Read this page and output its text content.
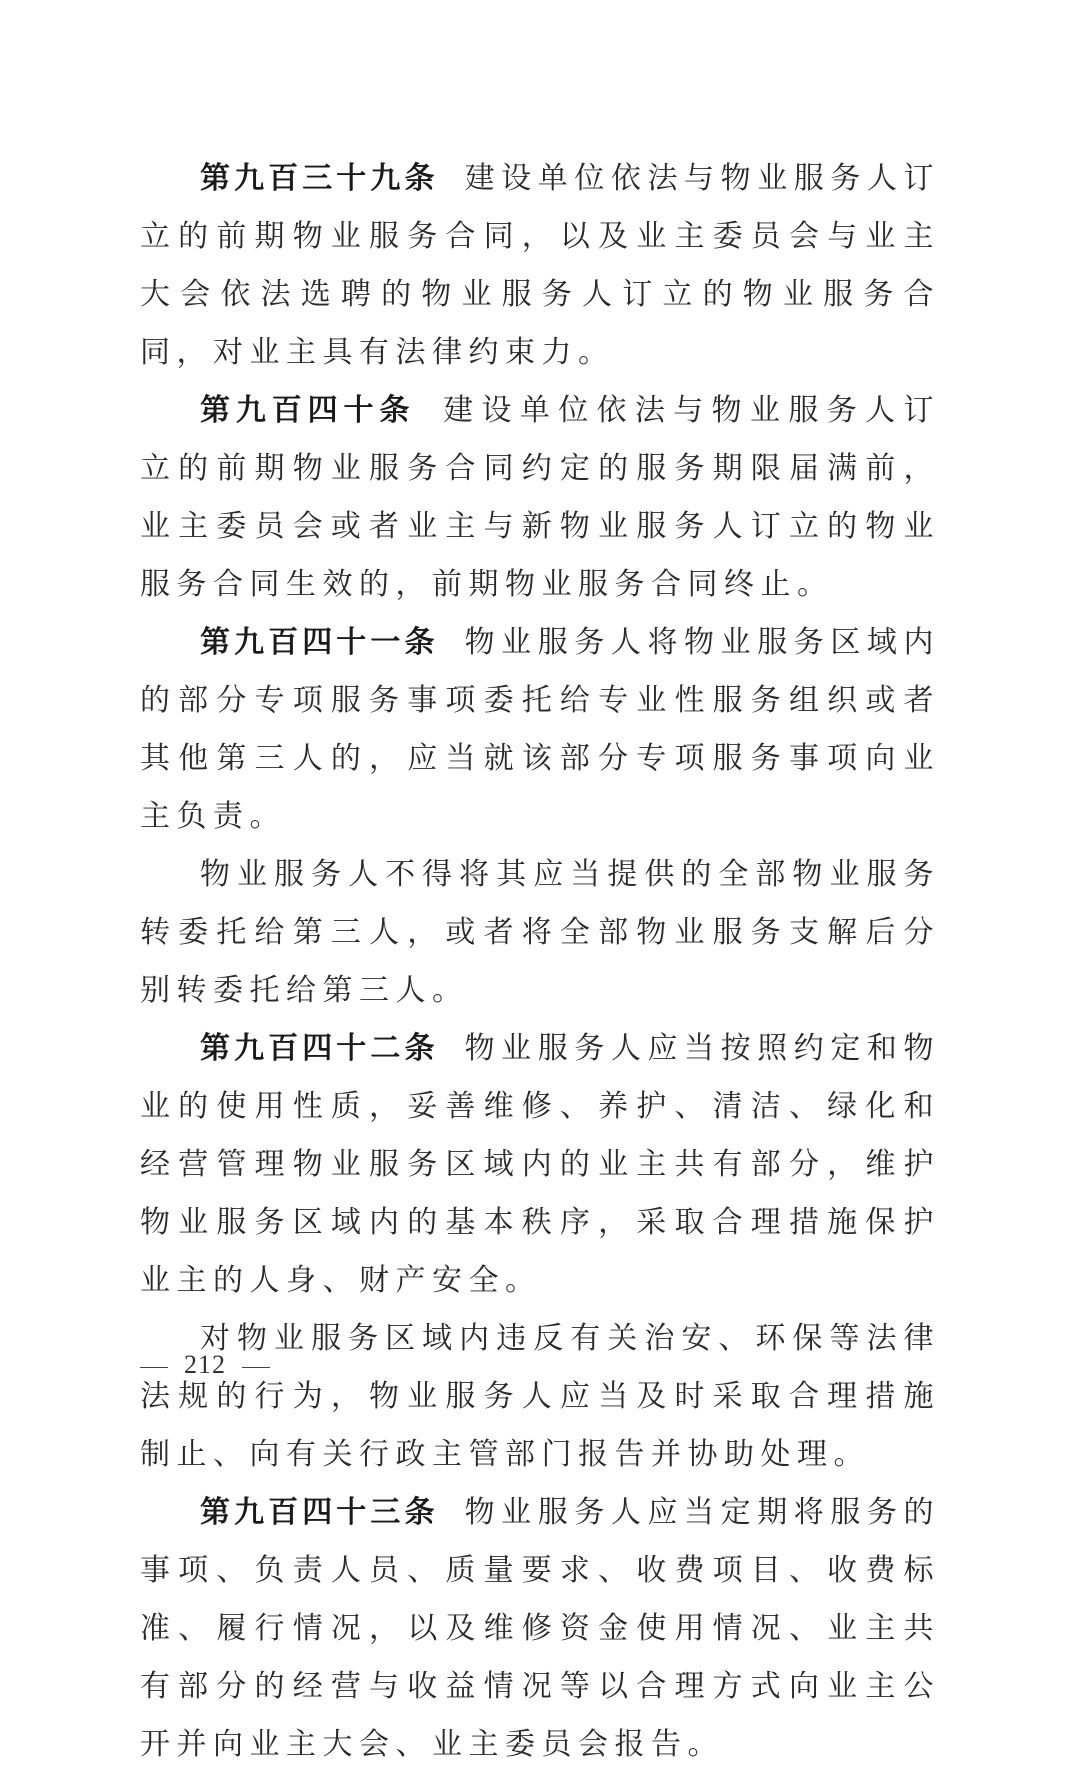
第九百三十九条 建设单位依法与物业服务人订立的前期物业服务合同，以及业主委员会与业主大会依法选聘的物业服务人订立的物业服务合同，对业主具有法律约束力。

第九百四十条 建设单位依法与物业服务人订立的前期物业服务合同约定的服务期限届满前，业主委员会或者业主与新物业服务人订立的物业服务合同生效的，前期物业服务合同终止。

第九百四十一条 物业服务人将物业服务区域内的部分专项服务事项委托给专业性服务组织或者其他第三人的，应当就该部分专项服务事项向业主负责。

物业服务人不得将其应当提供的全部物业服务转委托给第三人，或者将全部物业服务支解后分别转委托给第三人。

第九百四十二条 物业服务人应当按照约定和物业的使用性质，妥善维修、养护、清洁、绿化和经营管理物业服务区域内的业主共有部分，维护物业服务区域内的基本秩序，采取合理措施保护业主的人身、财产安全。

对物业服务区域内违反有关治安、环保等法律法规的行为，物业服务人应当及时采取合理措施制止、向有关行政主管部门报告并协助处理。

第九百四十三条 物业服务人应当定期将服务的事项、负责人员、质量要求、收费项目、收费标准、履行情况，以及维修资金使用情况、业主共有部分的经营与收益情况等以合理方式向业主公开并向业主大会、业主委员会报告。

212
